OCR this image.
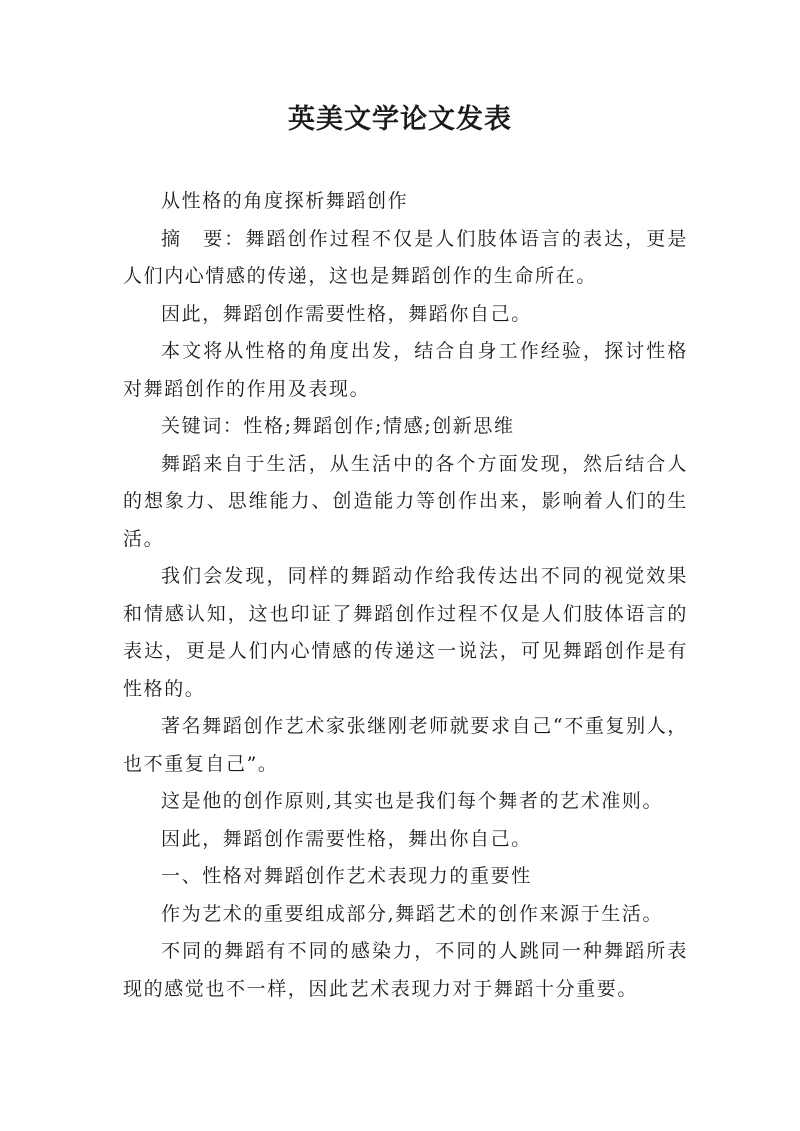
英美文学论文发表

从性格的角度探析舞蹈创作

摘　要：舞蹈创作过程不仅是人们肢体语言的表达，更是人们内心情感的传递，这也是舞蹈创作的生命所在。

因此，舞蹈创作需要性格，舞蹈你自己。

本文将从性格的角度出发，结合自身工作经验，探讨性格对舞蹈创作的作用及表现。

关键词：性格;舞蹈创作;情感;创新思维

舞蹈来自于生活，从生活中的各个方面发现，然后结合人的想象力、思维能力、创造能力等创作出来，影响着人们的生活。

我们会发现，同样的舞蹈动作给我传达出不同的视觉效果和情感认知，这也印证了舞蹈创作过程不仅是人们肢体语言的表达，更是人们内心情感的传递这一说法，可见舞蹈创作是有性格的。

著名舞蹈创作艺术家张继刚老师就要求自己“不重复别人，也不重复自己”。

这是他的创作原则,其实也是我们每个舞者的艺术准则。

因此，舞蹈创作需要性格，舞出你自己。

一、性格对舞蹈创作艺术表现力的重要性

作为艺术的重要组成部分,舞蹈艺术的创作来源于生活。

不同的舞蹈有不同的感染力，不同的人跳同一种舞蹈所表现的感觉也不一样，因此艺术表现力对于舞蹈十分重要。
